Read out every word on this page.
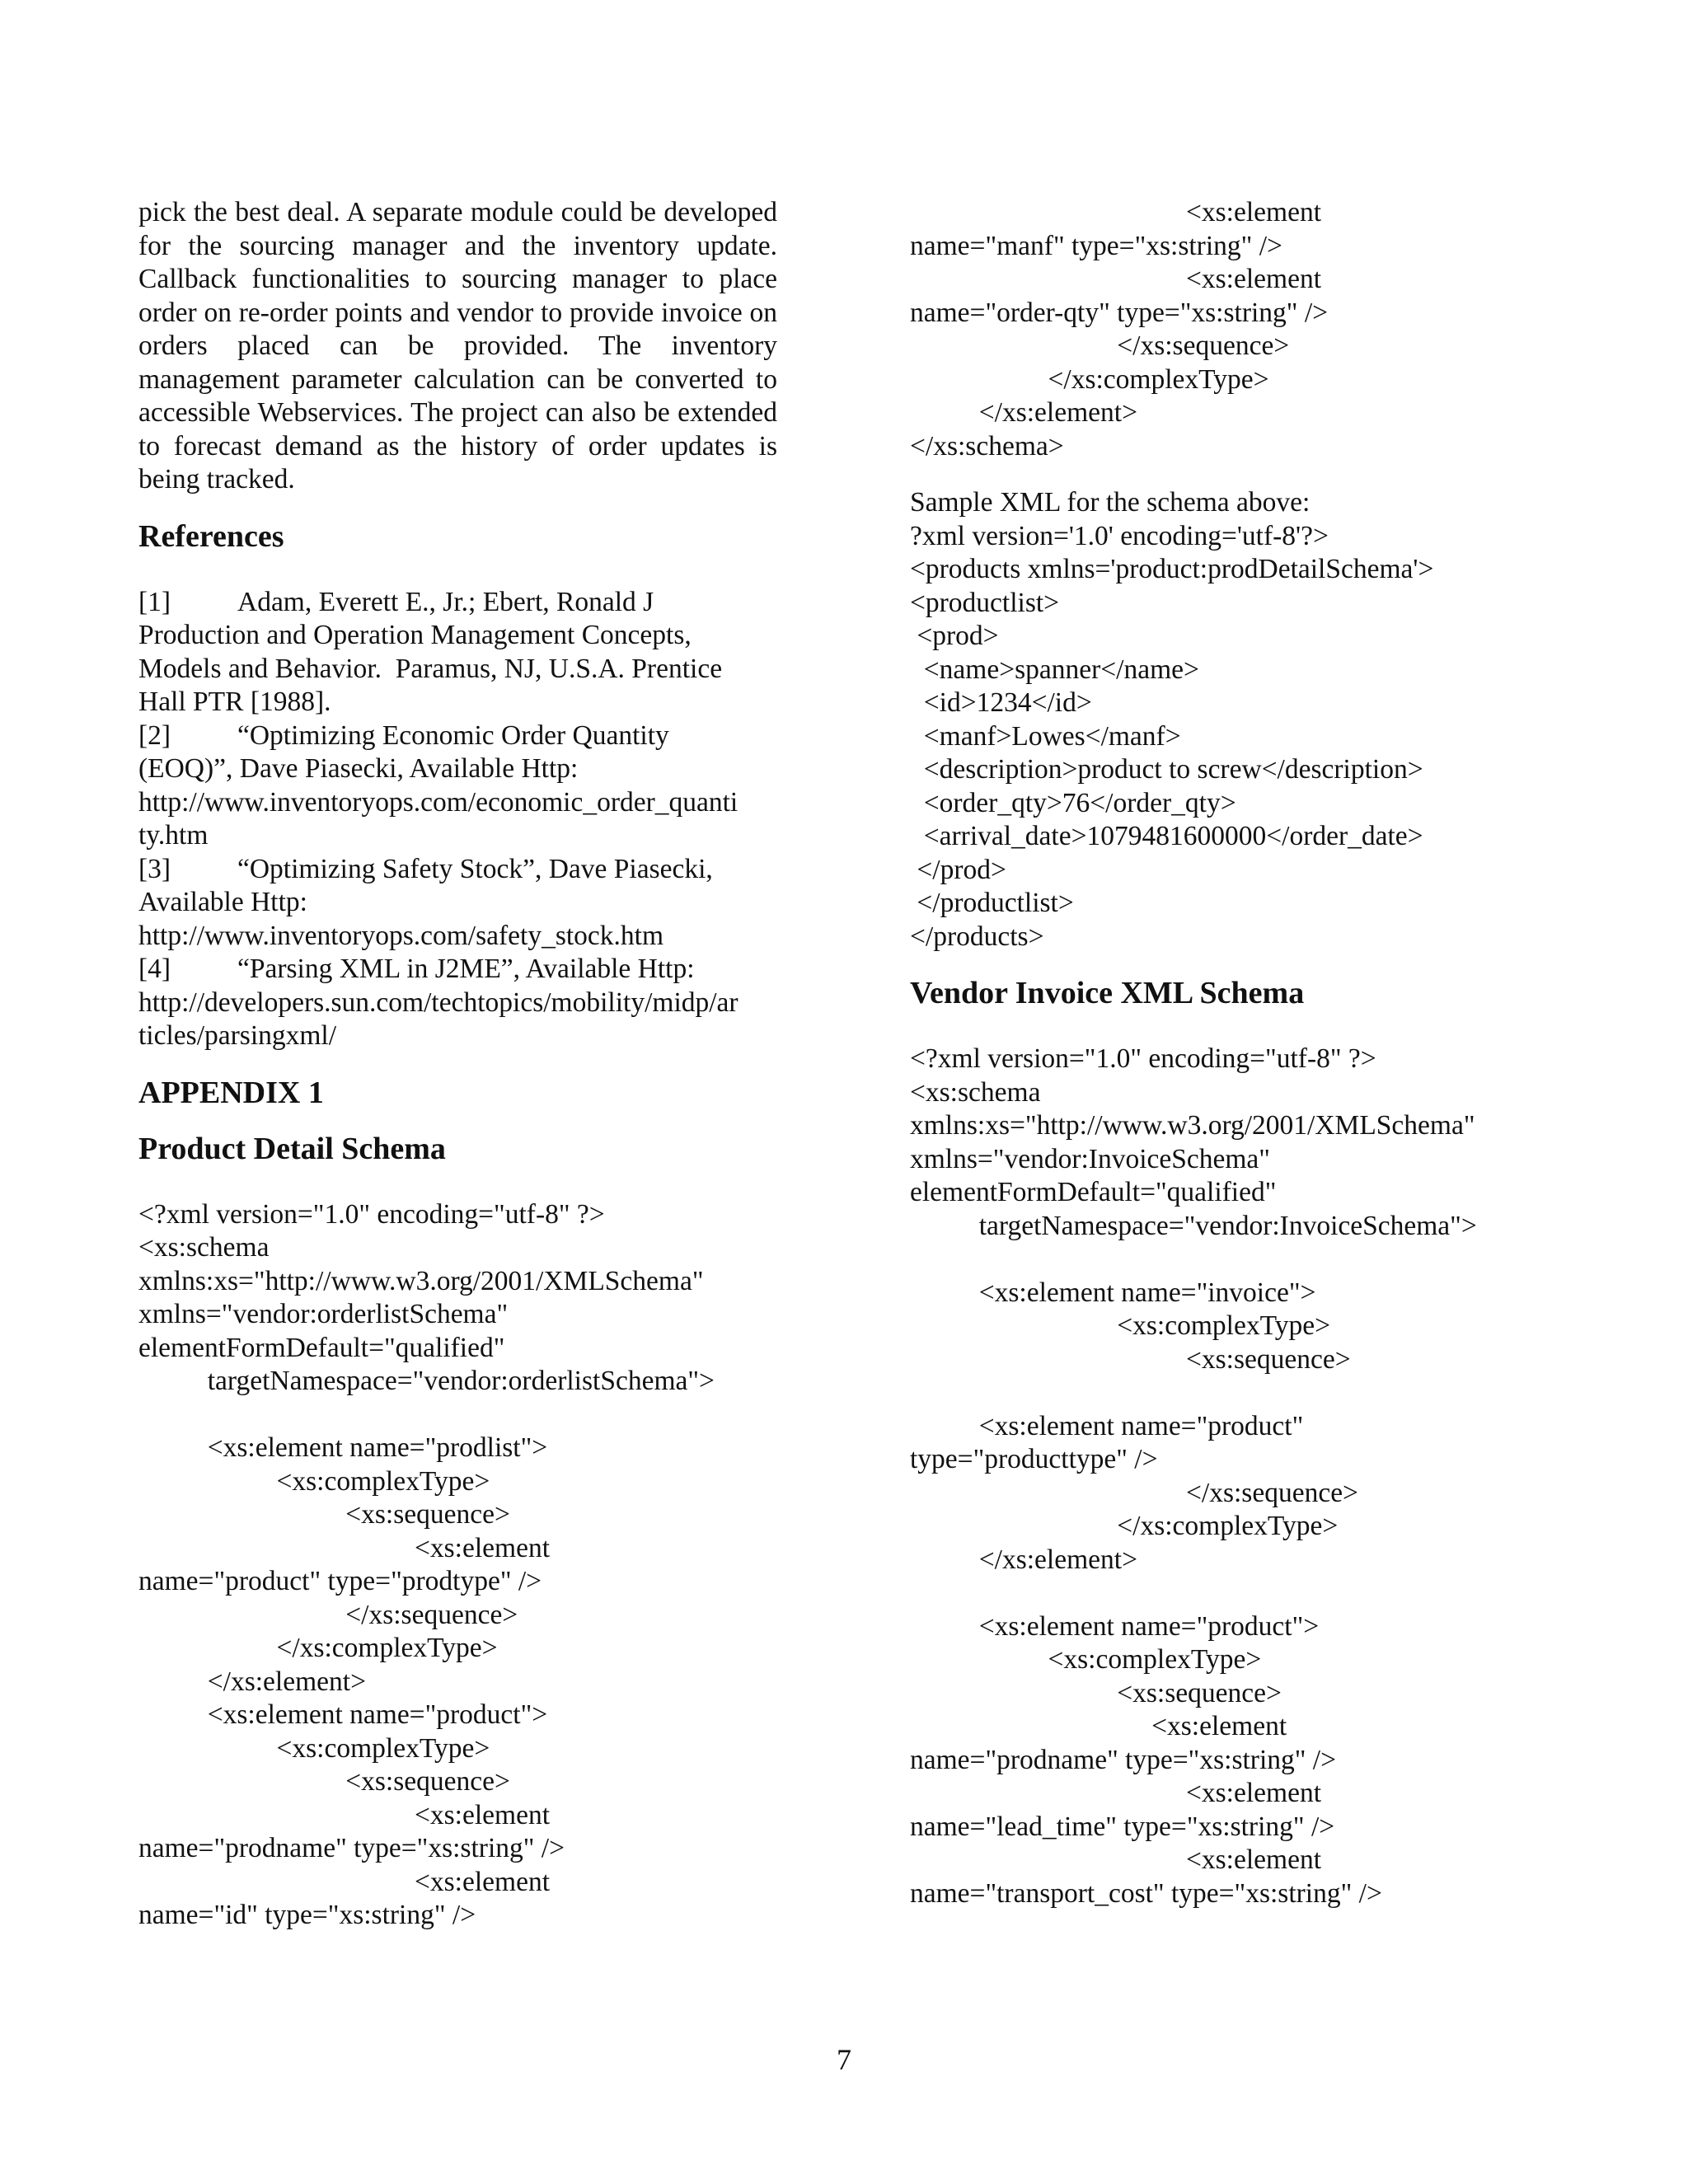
pick the best deal. A separate module could be developed for the sourcing manager and the inventory update. Callback functionalities to sourcing manager to place order on re-order points and vendor to provide invoice on orders placed can be provided. The inventory management parameter calculation can be converted to accessible Webservices. The project can also be extended to forecast demand as the history of order updates is being tracked.

References

[1] Adam, Everett E., Jr.; Ebert, Ronald J
Production and Operation Management Concepts,
Models and Behavior.  Paramus, NJ, U.S.A. Prentice
Hall PTR [1988].
[2] “Optimizing Economic Order Quantity
(EOQ)”, Dave Piasecki, Available Http:
http://www.inventoryops.com/economic_order_quanti
ty.htm
[3] “Optimizing Safety Stock”, Dave Piasecki,
Available Http:
http://www.inventoryops.com/safety_stock.htm
[4] “Parsing XML in J2ME”, Available Http:
http://developers.sun.com/techtopics/mobility/midp/ar
ticles/parsingxml/

APPENDIX 1

Product Detail Schema

<?xml version="1.0" encoding="utf-8" ?>
<xs:schema
xmlns:xs="http://www.w3.org/2001/XMLSchema"
xmlns="vendor:orderlistSchema"
elementFormDefault="qualified"
targetNamespace="vendor:orderlistSchema">
<xs:element name="prodlist">
<xs:complexType>
<xs:sequence>
<xs:element
name="product" type="prodtype" />
</xs:sequence>
</xs:complexType>
</xs:element>
<xs:element name="product">
<xs:complexType>
<xs:sequence>
<xs:element
name="prodname" type="xs:string" />
<xs:element
name="id" type="xs:string" />
<xs:element
name="manf" type="xs:string" />
<xs:element
name="order-qty" type="xs:string" />
</xs:sequence>
</xs:complexType>
</xs:element>
</xs:schema>
Sample XML for the schema above:
?xml version='1.0' encoding='utf-8'?>
<products xmlns='product:prodDetailSchema'>
<productlist>
<prod>
<name>spanner</name>
<id>1234</id>
<manf>Lowes</manf>
<description>product to screw</description>
<order_qty>76</order_qty>
<arrival_date>1079481600000</order_date>
</prod>
</productlist>
</products>

Vendor Invoice XML Schema

<?xml version="1.0" encoding="utf-8" ?>
<xs:schema
xmlns:xs="http://www.w3.org/2001/XMLSchema"
xmlns="vendor:InvoiceSchema"
elementFormDefault="qualified"
targetNamespace="vendor:InvoiceSchema">
<xs:element name="invoice">
<xs:complexType>
<xs:sequence>
<xs:element name="product"
type="producttype" />
</xs:sequence>
</xs:complexType>
</xs:element>
<xs:element name="product">
<xs:complexType>
<xs:sequence>
<xs:element
name="prodname" type="xs:string" />
<xs:element
name="lead_time" type="xs:string" />
<xs:element
name="transport_cost" type="xs:string" />
7
